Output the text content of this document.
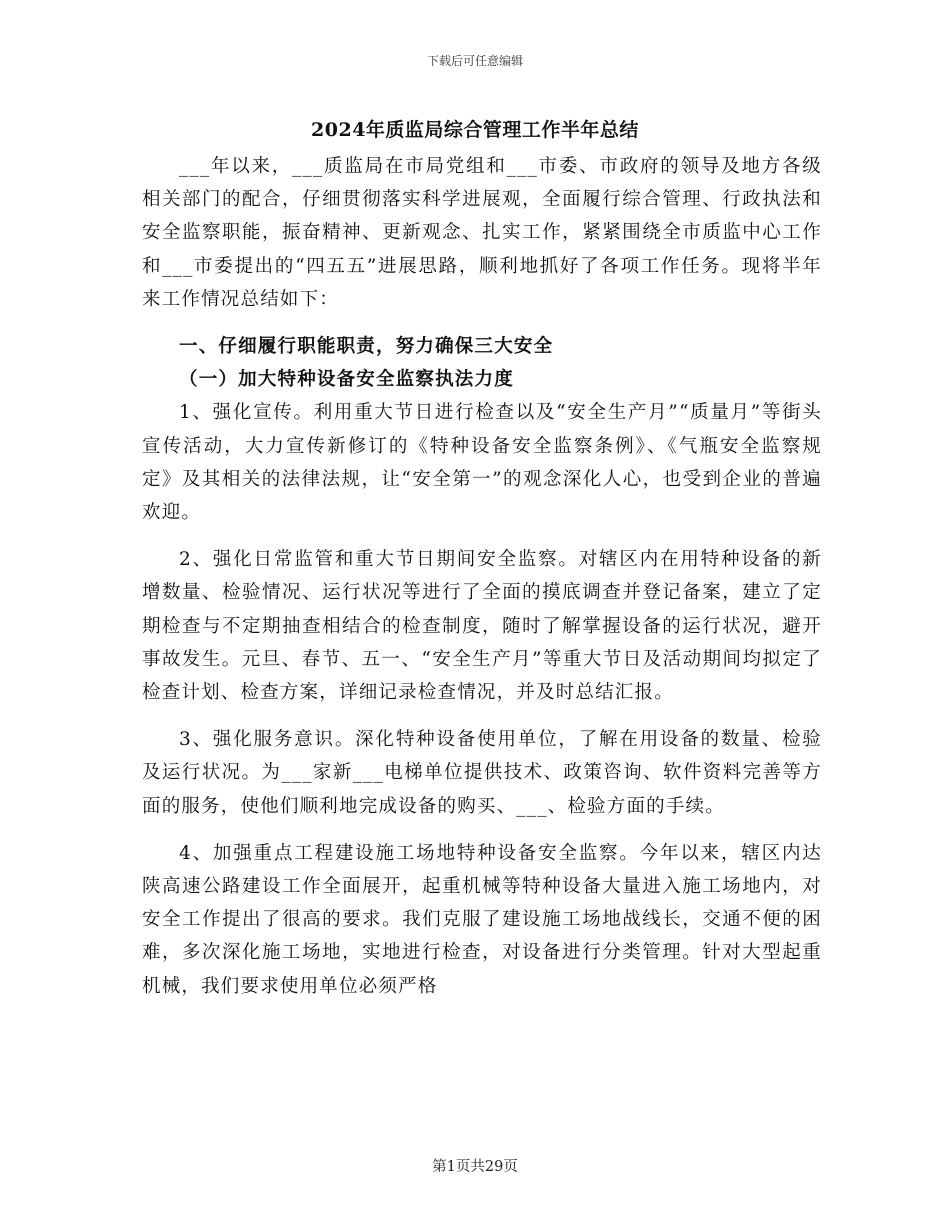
下载后可任意编辑
2024年质监局综合管理工作半年总结

___年以来，___质监局在市局党组和___市委、市政府的领导及地方各级相关部门的配合，仔细贯彻落实科学进展观，全面履行综合管理、行政执法和安全监察职能，振奋精神、更新观念、扎实工作，紧紧围绕全市质监中心工作和___市委提出的“四五五”进展思路，顺利地抓好了各项工作任务。现将半年来工作情况总结如下：

一、仔细履行职能职责，努力确保三大安全

（一）加大特种设备安全监察执法力度

1、强化宣传。利用重大节日进行检查以及“安全生产月”“质量月”等街头宣传活动，大力宣传新修订的《特种设备安全监察条例》、《气瓶安全监察规定》及其相关的法律法规，让“安全第一”的观念深化人心，也受到企业的普遍欢迎。

2、强化日常监管和重大节日期间安全监察。对辖区内在用特种设备的新增数量、检验情况、运行状况等进行了全面的摸底调查并登记备案，建立了定期检查与不定期抽查相结合的检查制度，随时了解掌握设备的运行状况，避开事故发生。元旦、春节、五一、“安全生产月”等重大节日及活动期间均拟定了检查计划、检查方案，详细记录检查情况，并及时总结汇报。

3、强化服务意识。深化特种设备使用单位，了解在用设备的数量、检验及运行状况。为___家新___电梯单位提供技术、政策咨询、软件资料完善等方面的服务，使他们顺利地完成设备的购买、___、检验方面的手续。

4、加强重点工程建设施工场地特种设备安全监察。今年以来，辖区内达陕高速公路建设工作全面展开，起重机械等特种设备大量进入施工场地内，对安全工作提出了很高的要求。我们克服了建设施工场地战线长，交通不便的困难，多次深化施工场地，实地进行检查，对设备进行分类管理。针对大型起重机械，我们要求使用单位必须严格

第1页共29页
